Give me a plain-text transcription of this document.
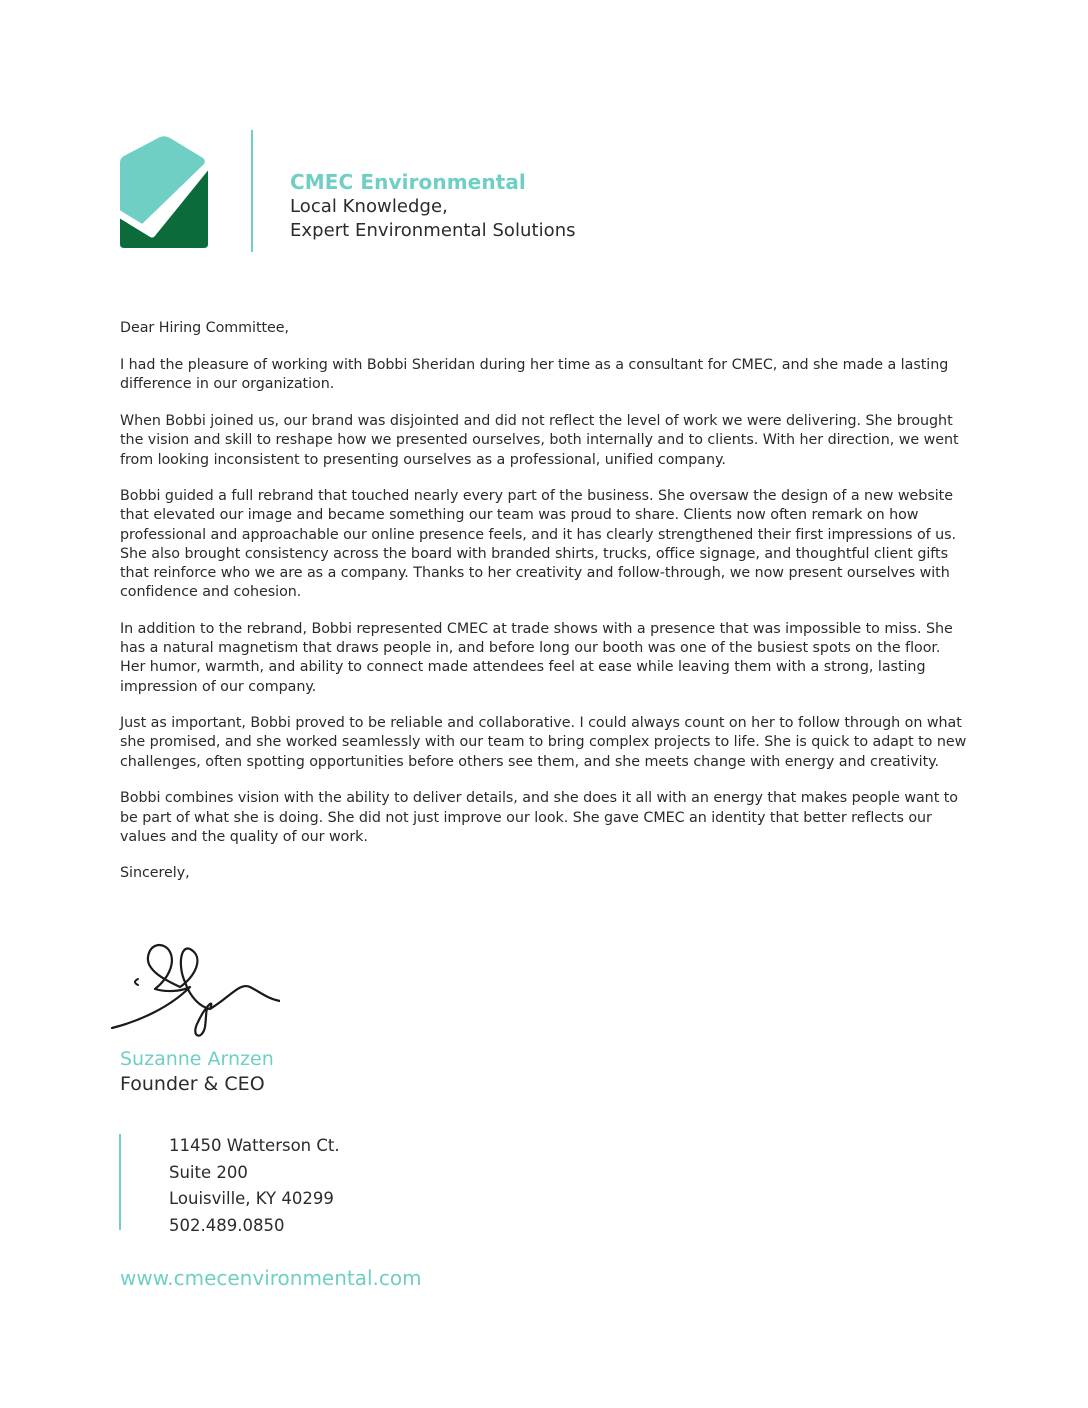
CMEC Environmental
Local Knowledge,
Expert Environmental Solutions

Dear Hiring Committee,

I had the pleasure of working with Bobbi Sheridan during her time as a consultant for CMEC, and she made a lasting difference in our organization.

When Bobbi joined us, our brand was disjointed and did not reflect the level of work we were delivering. She brought the vision and skill to reshape how we presented ourselves, both internally and to clients. With her direction, we went from looking inconsistent to presenting ourselves as a professional, unified company.

Bobbi guided a full rebrand that touched nearly every part of the business. She oversaw the design of a new website that elevated our image and became something our team was proud to share. Clients now often remark on how professional and approachable our online presence feels, and it has clearly strengthened their first impressions of us. She also brought consistency across the board with branded shirts, trucks, office signage, and thoughtful client gifts that reinforce who we are as a company. Thanks to her creativity and follow-through, we now present ourselves with confidence and cohesion.

In addition to the rebrand, Bobbi represented CMEC at trade shows with a presence that was impossible to miss. She has a natural magnetism that draws people in, and before long our booth was one of the busiest spots on the floor. Her humor, warmth, and ability to connect made attendees feel at ease while leaving them with a strong, lasting impression of our company.

Just as important, Bobbi proved to be reliable and collaborative. I could always count on her to follow through on what she promised, and she worked seamlessly with our team to bring complex projects to life. She is quick to adapt to new challenges, often spotting opportunities before others see them, and she meets change with energy and creativity.

Bobbi combines vision with the ability to deliver details, and she does it all with an energy that makes people want to be part of what she is doing. She did not just improve our look. She gave CMEC an identity that better reflects our values and the quality of our work.

Sincerely,

Suzanne Arnzen
Founder & CEO
11450 Watterson Ct.
Suite 200
Louisville, KY 40299
502.489.0850
www.cmecenvironmental.com
